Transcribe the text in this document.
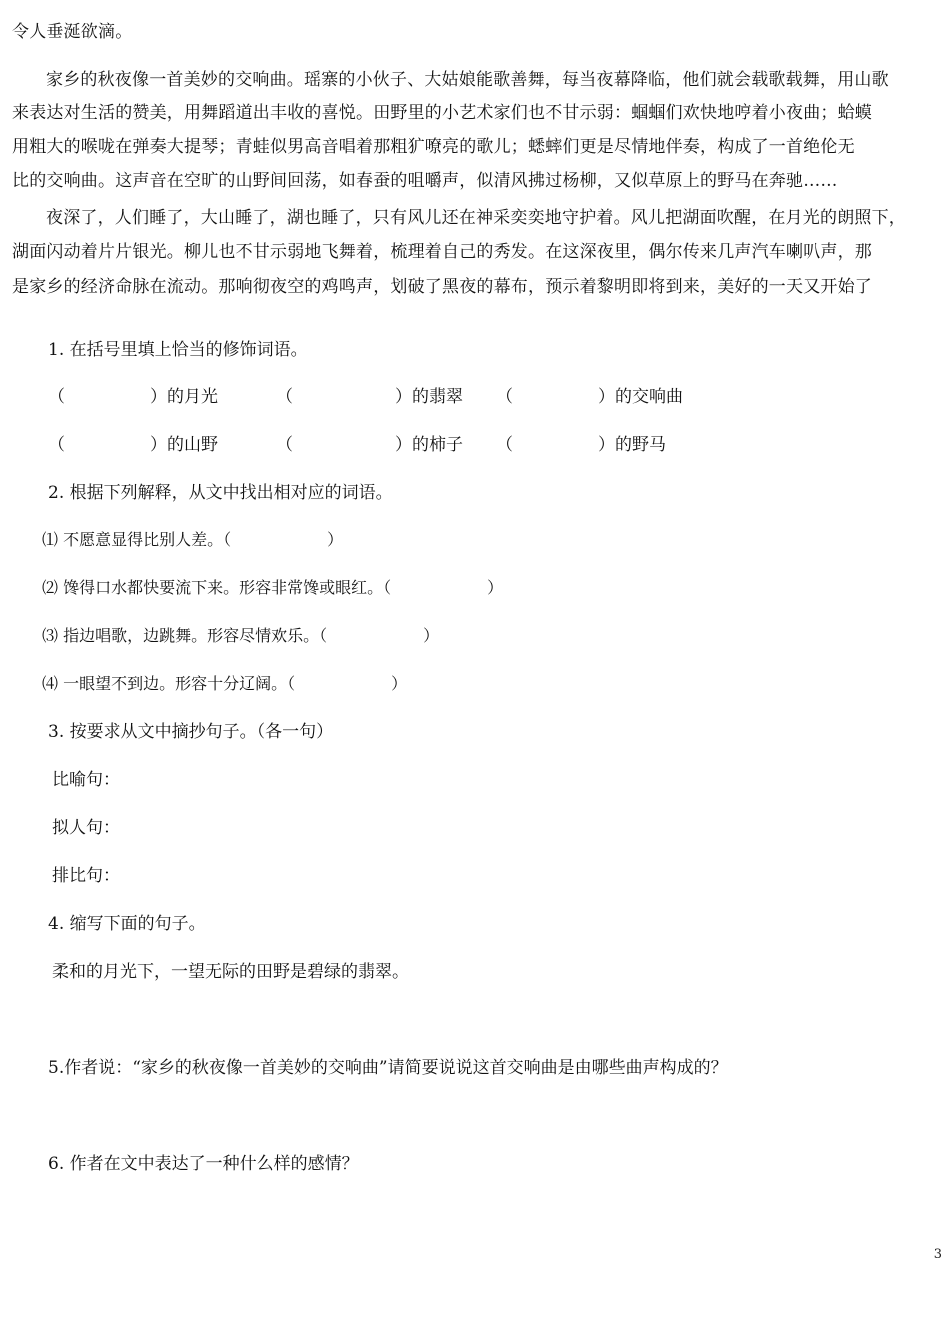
令人垂涎欲滴。
家乡的秋夜像一首美妙的交响曲。瑶寨的小伙子、大姑娘能歌善舞，每当夜幕降临，他们就会载歌载舞，用山歌
来表达对生活的赞美，用舞蹈道出丰收的喜悦。田野里的小艺术家们也不甘示弱：蝈蝈们欢快地哼着小夜曲；蛤蟆
用粗大的喉咙在弹奏大提琴；青蛙似男高音唱着那粗犷嘹亮的歌儿；蟋蟀们更是尽情地伴奏，构成了一首绝伦无
比的交响曲。这声音在空旷的山野间回荡，如春蚕的咀嚼声，似清风拂过杨柳，又似草原上的野马在奔驰……
夜深了，人们睡了，大山睡了，湖也睡了，只有风儿还在神采奕奕地守护着。风儿把湖面吹醒，在月光的朗照下，
湖面闪动着片片银光。柳儿也不甘示弱地飞舞着，梳理着自己的秀发。在这深夜里，偶尔传来几声汽车喇叭声，那
是家乡的经济命脉在流动。那响彻夜空的鸡鸣声，划破了黑夜的幕布，预示着黎明即将到来，美好的一天又开始了
1. 在括号里填上恰当的修饰词语。
（　　　　　）的月光	（　　　　　　）的翡翠 （　　　　　）的交响曲
（　　　　　）的山野	（　　　　　　）的柿子 （　　　　　）的野马
2. 根据下列解释，从文中找出相对应的词语。
⑴ 不愿意显得比别人差。（　　　　　　）
⑵ 馋得口水都快要流下来。形容非常馋或眼红。（　　　　　　）
⑶ 指边唱歌，边跳舞。形容尽情欢乐。（　　　　　　）
⑷ 一眼望不到边。形容十分辽阔。（　　　　　　）
3. 按要求从文中摘抄句子。（各一句）
比喻句：
拟人句：
排比句：
4. 缩写下面的句子。
柔和的月光下，一望无际的田野是碧绿的翡翠。
5.作者说：“家乡的秋夜像一首美妙的交响曲”请简要说说这首交响曲是由哪些曲声构成的？
6. 作者在文中表达了一种什么样的感情？
3
